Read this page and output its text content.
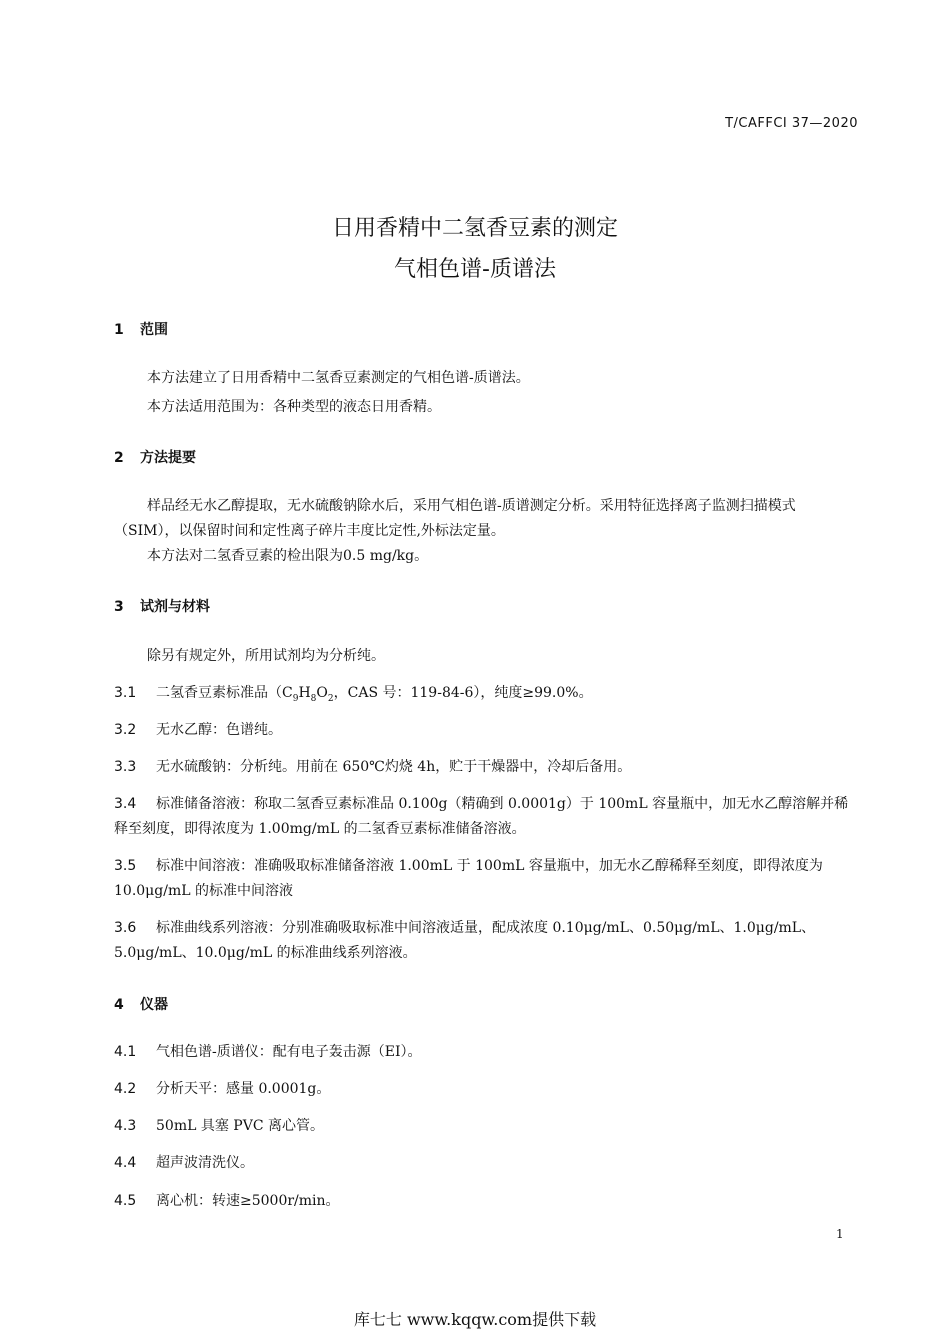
T/CAFFCI 37—2020
日用香精中二氢香豆素的测定
气相色谱-质谱法
1 范围
本方法建立了日用香精中二氢香豆素测定的气相色谱-质谱法。
本方法适用范围为：各种类型的液态日用香精。
2 方法提要
样品经无水乙醇提取，无水硫酸钠除水后，采用气相色谱-质谱测定分析。采用特征选择离子监测扫描模式（SIM），以保留时间和定性离子碎片丰度比定性,外标法定量。
本方法对二氢香豆素的检出限为0.5 mg/kg。
3 试剂与材料
除另有规定外，所用试剂均为分析纯。
3.1 二氢香豆素标准品（$C_9H_8O_2$，CAS 号：119-84-6），纯度≥99.0%。
3.2 无水乙醇：色谱纯。
3.3 无水硫酸钠：分析纯。用前在 650℃灼烧 4h，贮于干燥器中，冷却后备用。
3.4 标准储备溶液：称取二氢香豆素标准品 0.100g（精确到 0.0001g）于 100mL 容量瓶中，加无水乙醇溶解并稀释至刻度，即得浓度为 1.00mg/mL 的二氢香豆素标准储备溶液。
3.5 标准中间溶液：准确吸取标准储备溶液 1.00mL 于 100mL 容量瓶中，加无水乙醇稀释至刻度，即得浓度为 10.0μg/mL 的标准中间溶液
3.6 标准曲线系列溶液：分别准确吸取标准中间溶液适量，配成浓度 0.10μg/mL、0.50μg/mL、1.0μg/mL、5.0μg/mL、10.0μg/mL 的标准曲线系列溶液。
4 仪器
4.1 气相色谱-质谱仪：配有电子轰击源（EI）。
4.2 分析天平：感量 0.0001g。
4.3 50mL 具塞 PVC 离心管。
4.4 超声波清洗仪。
4.5 离心机：转速≥5000r/min。
1
库七七 www.kqqw.com提供下载
